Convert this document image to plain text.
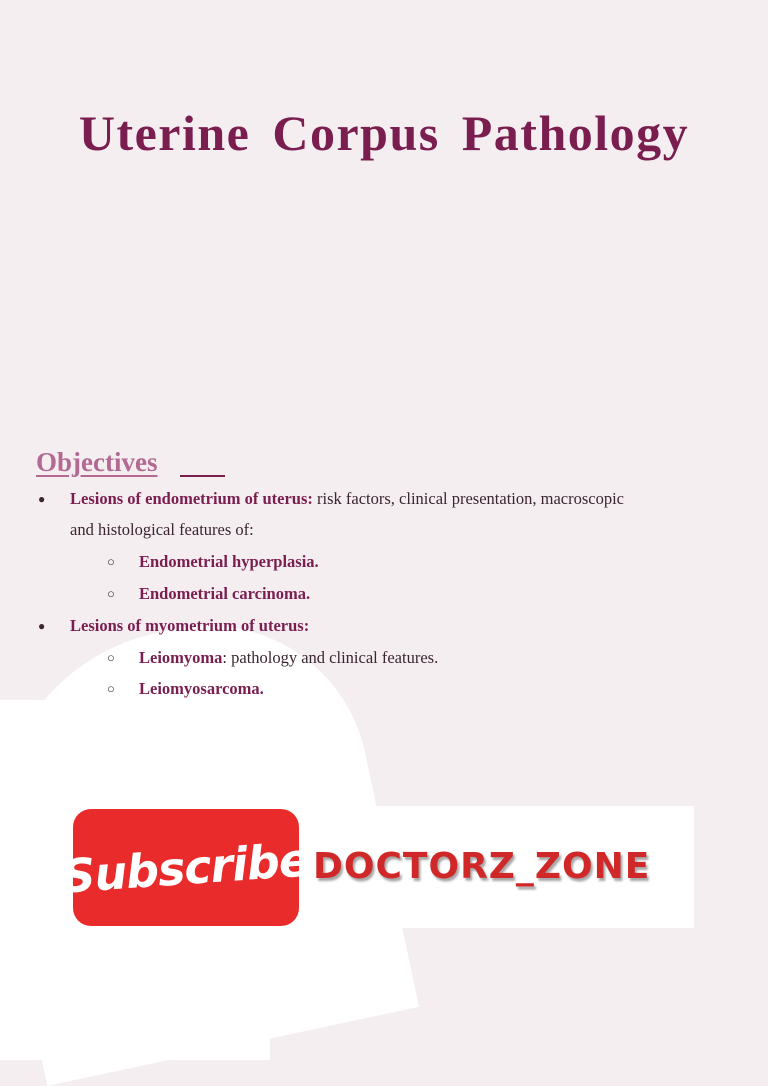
Uterine Corpus Pathology
Objectives
● Lesions of endometrium of uterus: risk factors, clinical presentation, macroscopic
and histological features of:
○ Endometrial hyperplasia.
○ Endometrial carcinoma.
● Lesions of myometrium of uterus:
○ Leiomyoma: pathology and clinical features.
○ Leiomyosarcoma.
Subscribe DOCTORZ_ZONE
